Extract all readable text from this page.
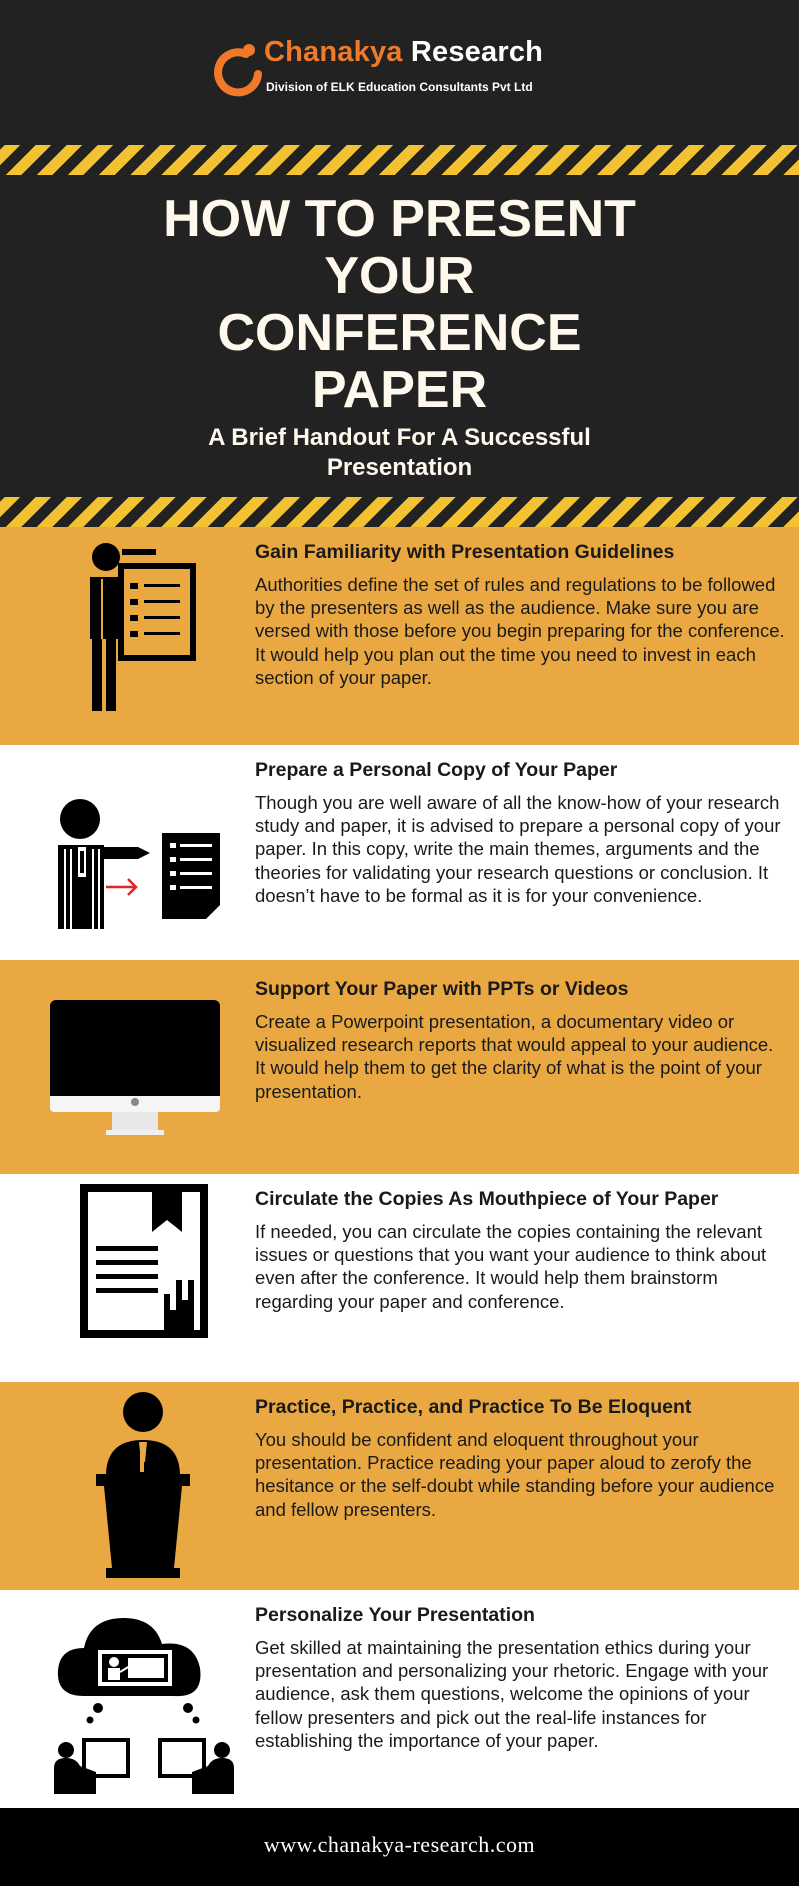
Chanakya Research
Division of ELK Education Consultants Pvt Ltd
HOW TO PRESENT
YOUR
CONFERENCE
PAPER
A Brief Handout For A Successful Presentation
Gain Familiarity with Presentation Guidelines
Authorities define the set of rules and regulations to be followed by the presenters as well as the audience. Make sure you are versed with those before you begin preparing for the conference. It would help you plan out the time you need to invest in each section of your paper.
Prepare a Personal Copy of Your Paper
Though you are well aware of all the know-how of your research study and paper, it is advised to prepare a personal copy of your paper. In this copy, write the main themes, arguments and the theories for validating your research questions or conclusion. It doesn’t have to be formal as it is for your convenience.
Support Your Paper with PPTs or Videos
Create a Powerpoint presentation, a documentary video or visualized research reports that would appeal to your audience. It would help them to get the clarity of what is the point of your presentation.
Circulate the Copies As Mouthpiece of Your Paper
If needed, you can circulate the copies containing the relevant issues or questions that you want your audience to think about even after the conference. It would help them brainstorm regarding your paper and conference.
Practice, Practice, and Practice To Be Eloquent
You should be confident and eloquent throughout your presentation. Practice reading your paper aloud to zerofy the hesitance or the self-doubt while standing before your audience and fellow presenters.
Personalize Your Presentation
Get skilled at maintaining the presentation ethics during your presentation and personalizing your rhetoric. Engage with your audience, ask them questions, welcome the opinions of your fellow presenters and pick out the real-life instances for establishing the importance of your paper.
www.chanakya-research.com
